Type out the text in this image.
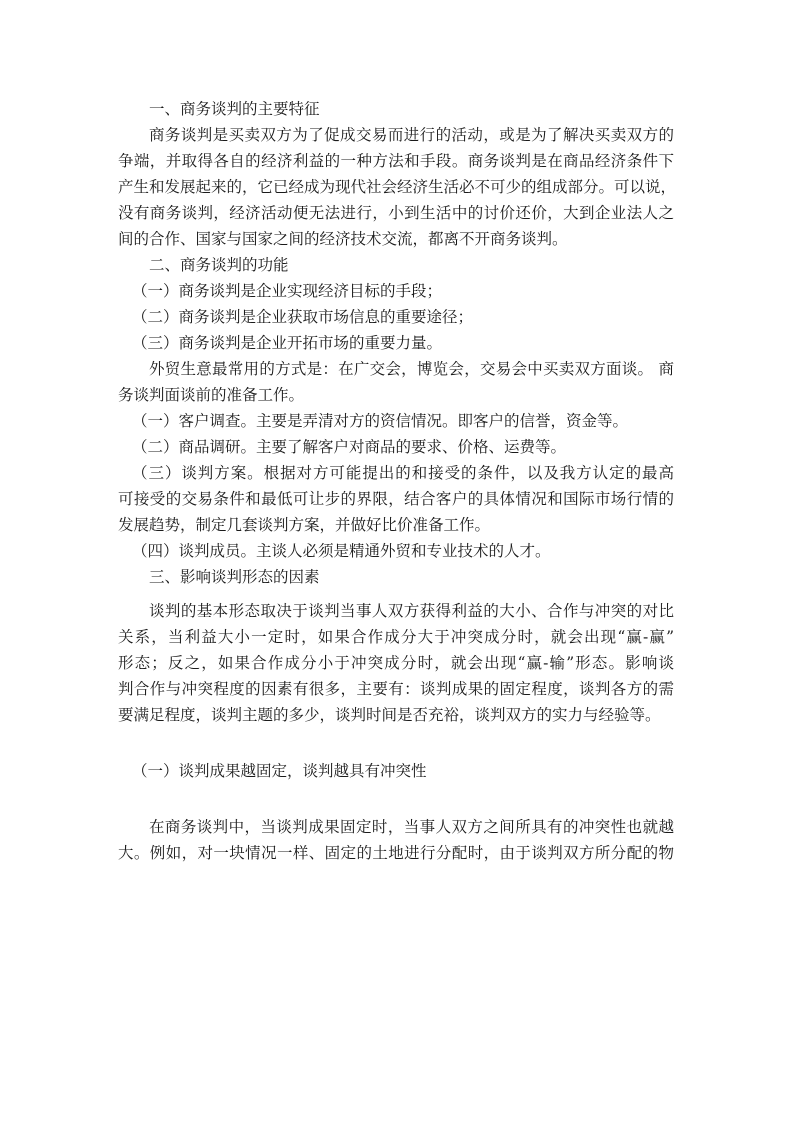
一、商务谈判的主要特征

商务谈判是买卖双方为了促成交易而进行的活动，或是为了解决买卖双方的

争端，并取得各自的经济利益的一种方法和手段。商务谈判是在商品经济条件下

产生和发展起来的，它已经成为现代社会经济生活必不可少的组成部分。可以说，

没有商务谈判，经济活动便无法进行，小到生活中的讨价还价，大到企业法人之

间的合作、国家与国家之间的经济技术交流，都离不开商务谈判。

二、商务谈判的功能

（一）商务谈判是企业实现经济目标的手段；

（二）商务谈判是企业获取市场信息的重要途径；

（三）商务谈判是企业开拓市场的重要力量。

外贸生意最常用的方式是：在广交会，博览会，交易会中买卖双方面谈。 商

务谈判面谈前的准备工作。

（一）客户调查。主要是弄清对方的资信情况。即客户的信誉，资金等。

（二）商品调研。主要了解客户对商品的要求、价格、运费等。

（三）谈判方案。根据对方可能提出的和接受的条件，以及我方认定的最高

可接受的交易条件和最低可让步的界限，结合客户的具体情况和国际市场行情的

发展趋势，制定几套谈判方案，并做好比价准备工作。

（四）谈判成员。主谈人必须是精通外贸和专业技术的人才。

三、影响谈判形态的因素

谈判的基本形态取决于谈判当事人双方获得利益的大小、合作与冲突的对比

关系，当利益大小一定时，如果合作成分大于冲突成分时，就会出现“赢-赢”

形态；反之，如果合作成分小于冲突成分时，就会出现“赢-输”形态。影响谈

判合作与冲突程度的因素有很多，主要有：谈判成果的固定程度，谈判各方的需

要满足程度，谈判主题的多少，谈判时间是否充裕，谈判双方的实力与经验等。

（一）谈判成果越固定，谈判越具有冲突性

在商务谈判中，当谈判成果固定时，当事人双方之间所具有的冲突性也就越

大。例如，对一块情况一样、固定的土地进行分配时，由于谈判双方所分配的物
